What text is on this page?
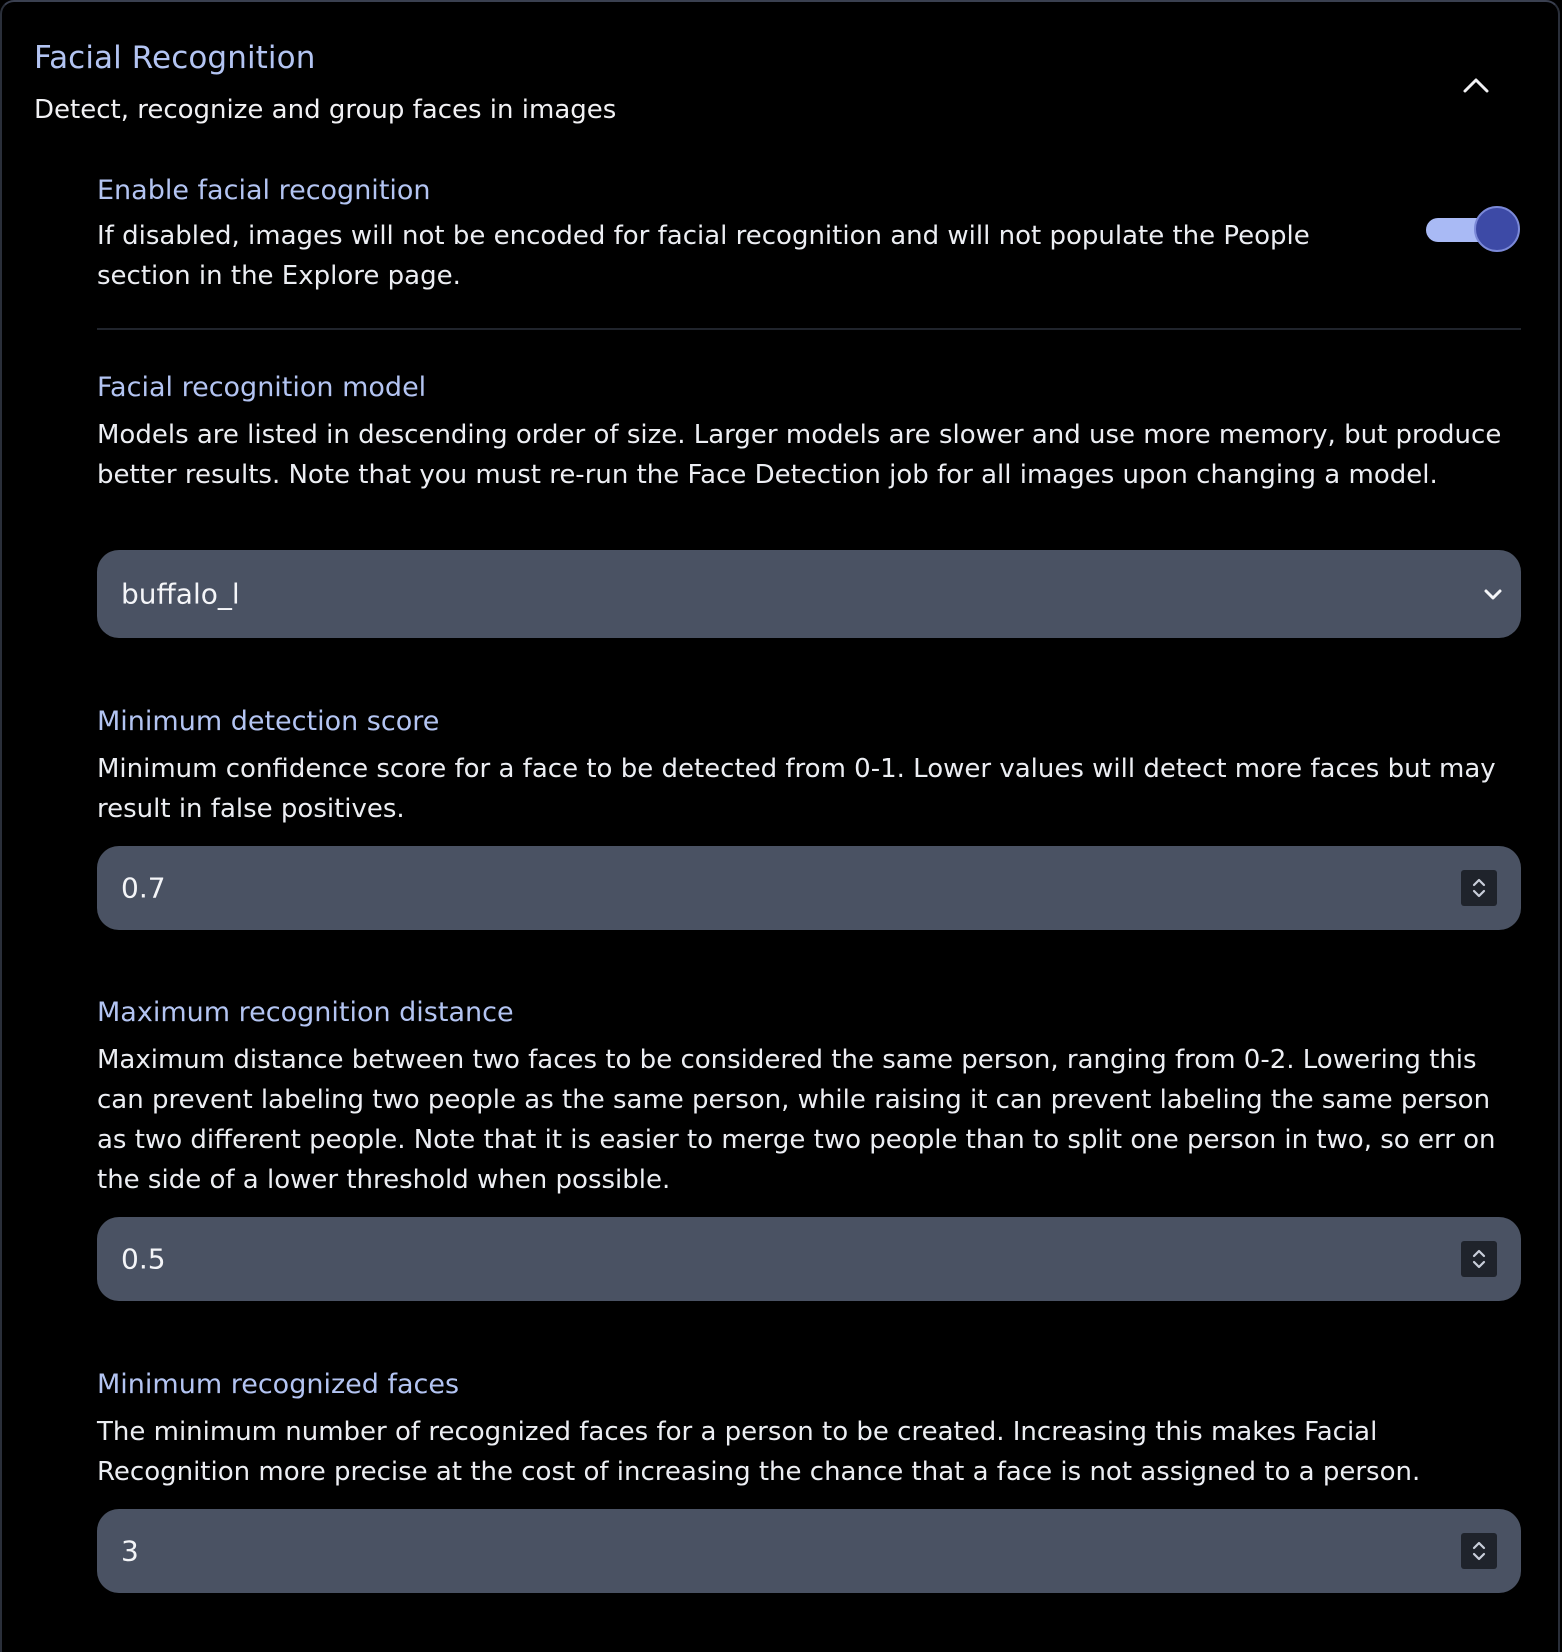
Facial Recognition
Detect, recognize and group faces in images
Enable facial recognition
If disabled, images will not be encoded for facial recognition and will not populate the People section in the Explore page.
Facial recognition model
Models are listed in descending order of size. Larger models are slower and use more memory, but produce better results. Note that you must re-run the Face Detection job for all images upon changing a model.
buffalo_l
Minimum detection score
Minimum confidence score for a face to be detected from 0-1. Lower values will detect more faces but may result in false positives.
0.7
Maximum recognition distance
Maximum distance between two faces to be considered the same person, ranging from 0-2. Lowering this can prevent labeling two people as the same person, while raising it can prevent labeling the same person as two different people. Note that it is easier to merge two people than to split one person in two, so err on the side of a lower threshold when possible.
0.5
Minimum recognized faces
The minimum number of recognized faces for a person to be created. Increasing this makes Facial Recognition more precise at the cost of increasing the chance that a face is not assigned to a person.
3
